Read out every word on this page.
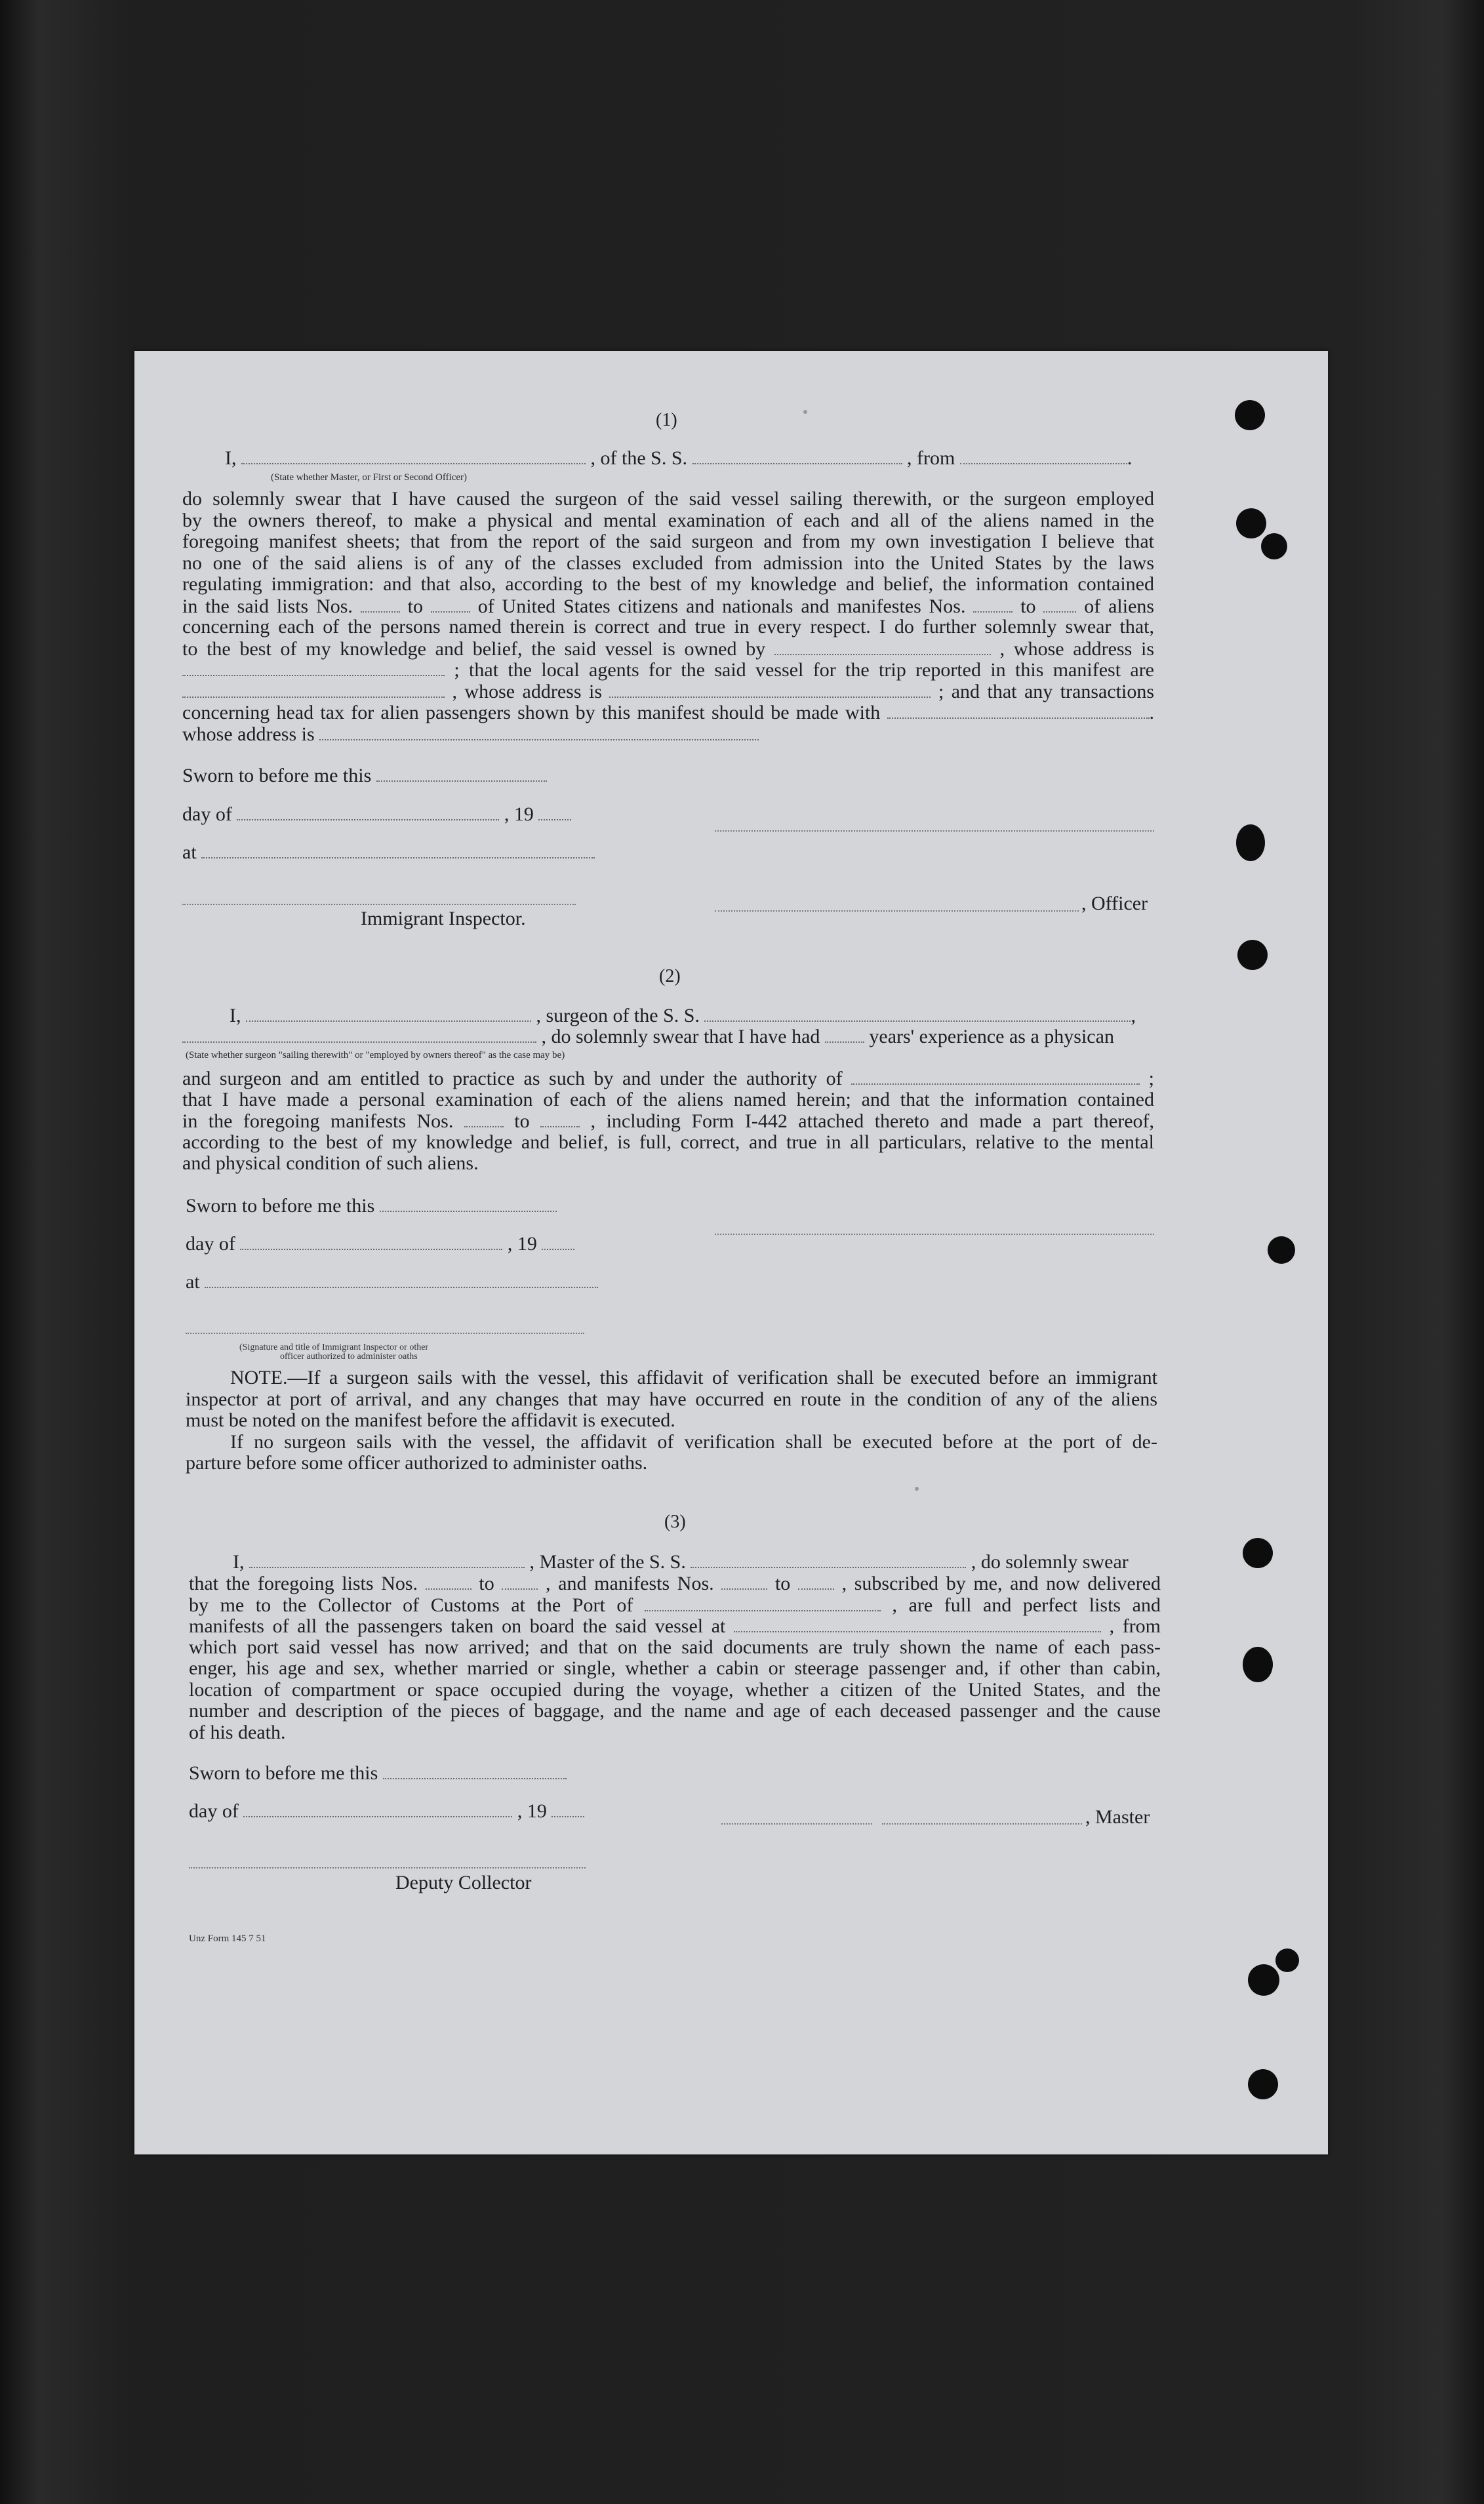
(1)
I,	, of the S. S.	, from	.
(State whether Master, or First or Second Officer)
do solemnly swear that I have caused the surgeon of the said vessel sailing therewith, or the surgeon employed
by the owners thereof, to make a physical and mental examination of each and all of the aliens named in the
foregoing manifest sheets; that from the report of the said surgeon and from my own investigation I believe that
no one of the said aliens is of any of the classes excluded from admission into the United States by the laws
regulating immigration: and that also, according to the best of my knowledge and belief, the information contained
in the said lists Nos.	to	of United States citizens and nationals and manifestes Nos.	to of aliens
concerning each of the persons named therein is correct and true in every respect. I do further solemnly swear that,
to the best of my knowledge and belief, the said vessel is owned by	, whose address is
; that the local agents for the said vessel for the trip reported in this manifest are
, whose address is	; and that any transactions
concerning head tax for alien passengers shown by this manifest should be made with	.
whose address is
Sworn to before me this
day of	, 19
at
, Officer
Immigrant Inspector.
(2)
I,	, surgeon of the S. S.	,
, do solemnly swear that I have had	years' experience as a physican
(State whether surgeon "sailing therewith" or "employed by owners thereof" as the case may be)
and surgeon and am entitled to practice as such by and under the authority of	;
that I have made a personal examination of each of the aliens named herein; and that the information contained
in the foregoing manifests Nos.	to	, including Form I-442 attached thereto and made a part thereof,
according to the best of my knowledge and belief, is full, correct, and true in all particulars, relative to the mental
and physical condition of such aliens.
Sworn to before me this
day of	, 19
at
(Signature and title of Immigrant Inspector or other
officer authorized to administer oaths
NOTE.—If a surgeon sails with the vessel, this affidavit of verification shall be executed before an immigrant
inspector at port of arrival, and any changes that may have occurred en route in the condition of any of the aliens
must be noted on the manifest before the affidavit is executed.
If no surgeon sails with the vessel, the affidavit of verification shall be executed before at the port of de-
parture before some officer authorized to administer oaths.
(3)
I,	, Master of the S. S.	, do solemnly swear
that the foregoing lists Nos.	to	, and manifests Nos.	to	, subscribed by me, and now delivered
by me to the Collector of Customs at the Port of	, are full and perfect lists and
manifests of all the passengers taken on board the said vessel at	, from
which port said vessel has now arrived; and that on the said documents are truly shown the name of each pass-
enger, his age and sex, whether married or single, whether a cabin or steerage passenger and, if other than cabin,
location of compartment or space occupied during the voyage, whether a citizen of the United States, and the
number and description of the pieces of baggage, and the name and age of each deceased passenger and the cause
of his death.
Sworn to before me this
day of	, 19	, Master
Deputy Collector
Unz Form 145 7 51
